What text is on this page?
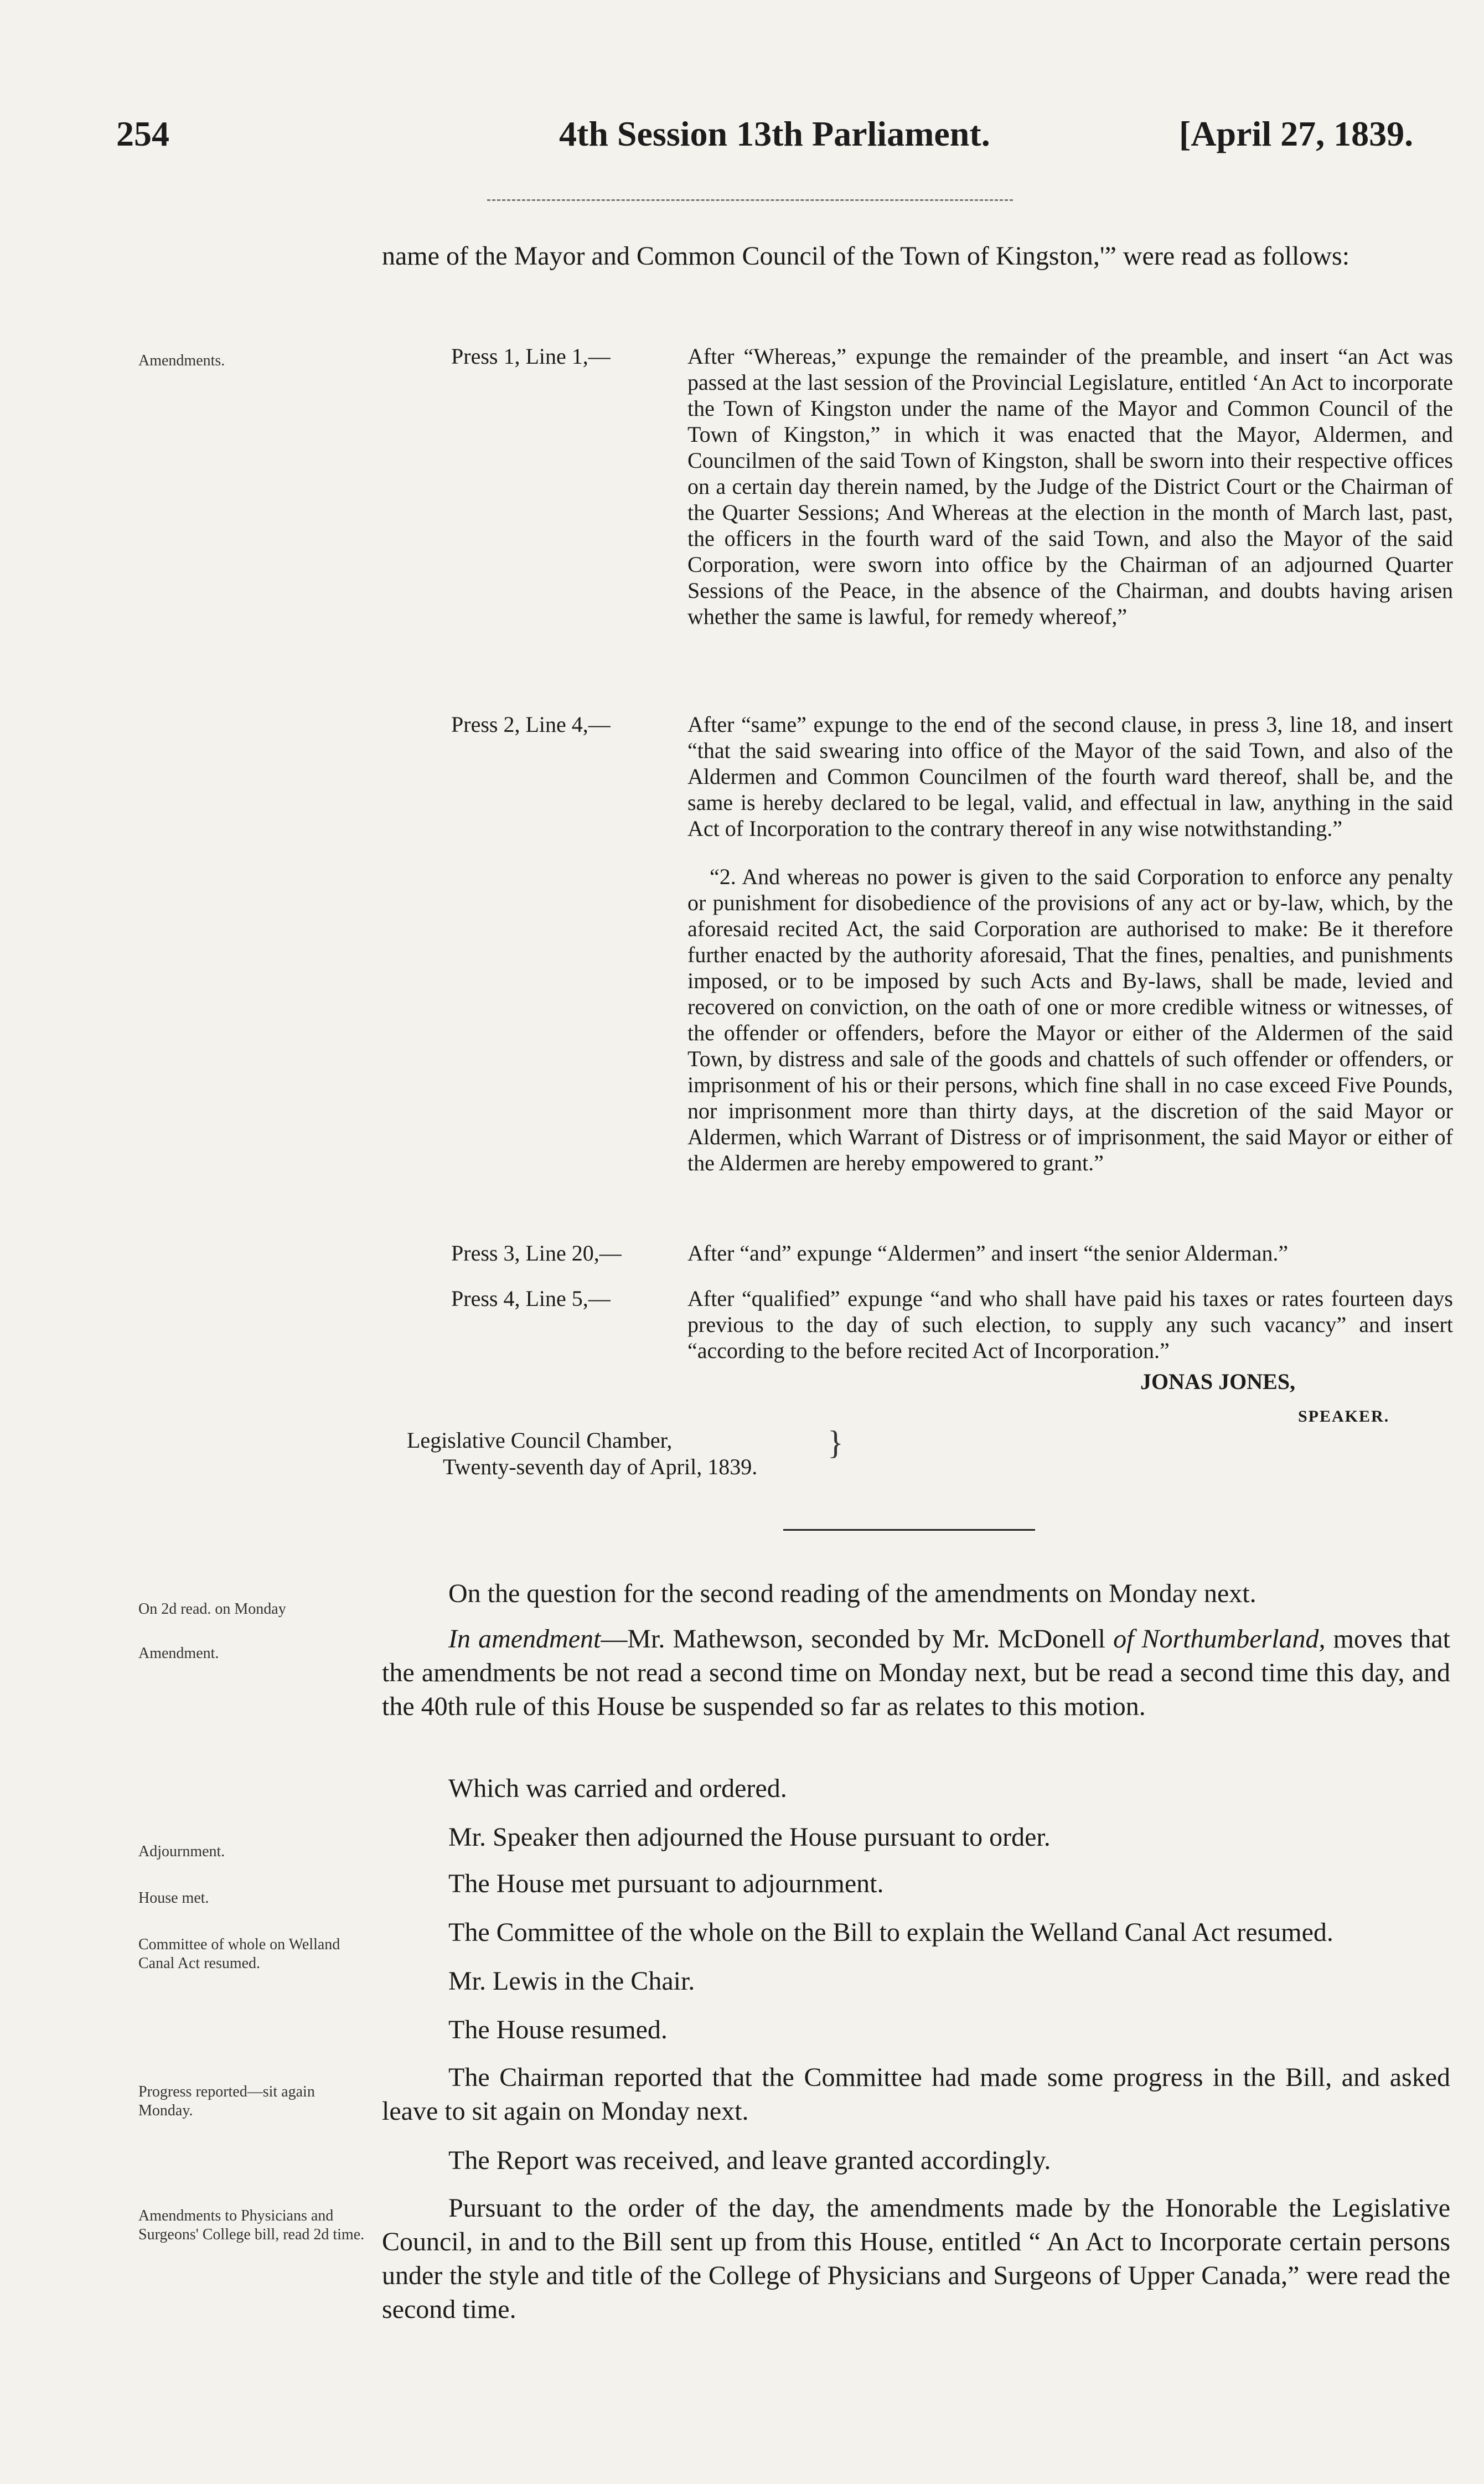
254	4th Session 13th Parliament.	[April 27, 1839.

name of the Mayor and Common Council of the Town of Kingston,'” were read as follows:

Amendments.	Press 1, Line 1,—	After “Whereas,” expunge the remainder of the preamble, and insert “an Act was passed at the last session of the Provincial Legislature, entitled ‘An Act to incorporate the Town of Kingston under the name of the Mayor and Common Council of the Town of Kingston,” in which it was enacted that the Mayor, Aldermen, and Councilmen of the said Town of Kingston, shall be sworn into their respective offices on a certain day therein named, by the Judge of the District Court or the Chairman of the Quarter Sessions; And Whereas at the election in the month of March last, past, the officers in the fourth ward of the said Town, and also the Mayor of the said Corporation, were sworn into office by the Chairman of an adjourned Quarter Sessions of the Peace, in the absence of the Chairman, and doubts having arisen whether the same is lawful, for remedy whereof,”

Press 2, Line 4,—	After “same” expunge to the end of the second clause, in press 3, line 18, and insert “that the said swearing into office of the Mayor of the said Town, and also of the Aldermen and Common Councilmen of the fourth ward thereof, shall be, and the same is hereby declared to be legal, valid, and effectual in law, anything in the said Act of Incorporation to the contrary thereof in any wise notwithstanding.”

“2. And whereas no power is given to the said Corporation to enforce any penalty or punishment for disobedience of the provisions of any act or by-law, which, by the aforesaid recited Act, the said Corporation are authorised to make: Be it therefore further enacted by the authority aforesaid, That the fines, penalties, and punishments imposed, or to be imposed by such Acts and By-laws, shall be made, levied and recovered on conviction, on the oath of one or more credible witness or witnesses, of the offender or offenders, before the Mayor or either of the Aldermen of the said Town, by distress and sale of the goods and chattels of such offender or offenders, or imprisonment of his or their persons, which fine shall in no case exceed Five Pounds, nor imprisonment more than thirty days, at the discretion of the said Mayor or Aldermen, which Warrant of Distress or of imprisonment, the said Mayor or either of the Aldermen are hereby empowered to grant.”

Press 3, Line 20,—	After “and” expunge “Aldermen” and insert “the senior Alderman.”

Press 4, Line 5,—	After “qualified” expunge “and who shall have paid his taxes or rates fourteen days previous to the day of such election, to supply any such vacancy” and insert “according to the before recited Act of Incorporation.”

JONAS JONES,
SPEAKER.
Legislative Council Chamber,
Twenty-seventh day of April, 1839.
}

On 2d read. on Monday

On the question for the second reading of the amendments on Monday next.

Amendment.	In amendment—Mr. Mathewson, seconded by Mr. McDonell of Northumberland, moves that the amendments be not read a second time on Monday next, but be read a second time this day, and the 40th rule of this House be suspended so far as relates to this motion.

Which was carried and ordered.

Adjournment.	Mr. Speaker then adjourned the House pursuant to order.

House met.	The House met pursuant to adjournment.

Committee of whole on Welland Canal Act resumed.

The Committee of the whole on the Bill to explain the Welland Canal Act resumed.

Mr. Lewis in the Chair.

The House resumed.

Progress reported—sit again Monday.

The Chairman reported that the Committee had made some progress in the Bill, and asked leave to sit again on Monday next.

The Report was received, and leave granted accordingly.

Amendments to Physicians and Surgeons' College bill, read 2d time.

Pursuant to the order of the day, the amendments made by the Honorable the Legislative Council, in and to the Bill sent up from this House, entitled “ An Act to Incorporate certain persons under the style and title of the College of Physicians and Surgeons of Upper Canada,” were read the second time.
